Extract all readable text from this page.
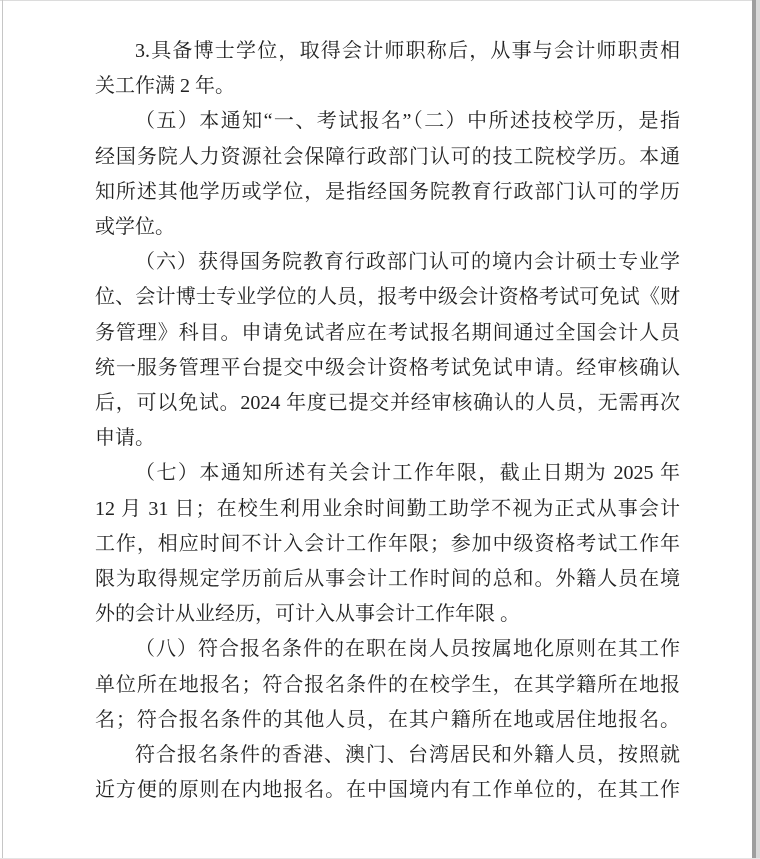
3.具备博士学位，取得会计师职称后，从事与会计师职责相
关工作满 2 年。
（五）本通知“一、考试报名”（二）中所述技校学历，是指
经国务院人力资源社会保障行政部门认可的技工院校学历。本通
知所述其他学历或学位，是指经国务院教育行政部门认可的学历
或学位。
（六）获得国务院教育行政部门认可的境内会计硕士专业学
位、会计博士专业学位的人员，报考中级会计资格考试可免试《财
务管理》科目。申请免试者应在考试报名期间通过全国会计人员
统一服务管理平台提交中级会计资格考试免试申请。经审核确认
后，可以免试。2024 年度已提交并经审核确认的人员，无需再次
申请。
（七）本通知所述有关会计工作年限，截止日期为 2025 年
12 月 31 日；在校生利用业余时间勤工助学不视为正式从事会计
工作，相应时间不计入会计工作年限；参加中级资格考试工作年
限为取得规定学历前后从事会计工作时间的总和。外籍人员在境
外的会计从业经历，可计入从事会计工作年限 。
（八）符合报名条件的在职在岗人员按属地化原则在其工作
单位所在地报名；符合报名条件的在校学生，在其学籍所在地报
名；符合报名条件的其他人员，在其户籍所在地或居住地报名。
符合报名条件的香港、澳门、台湾居民和外籍人员，按照就
近方便的原则在内地报名。在中国境内有工作单位的，在其工作
